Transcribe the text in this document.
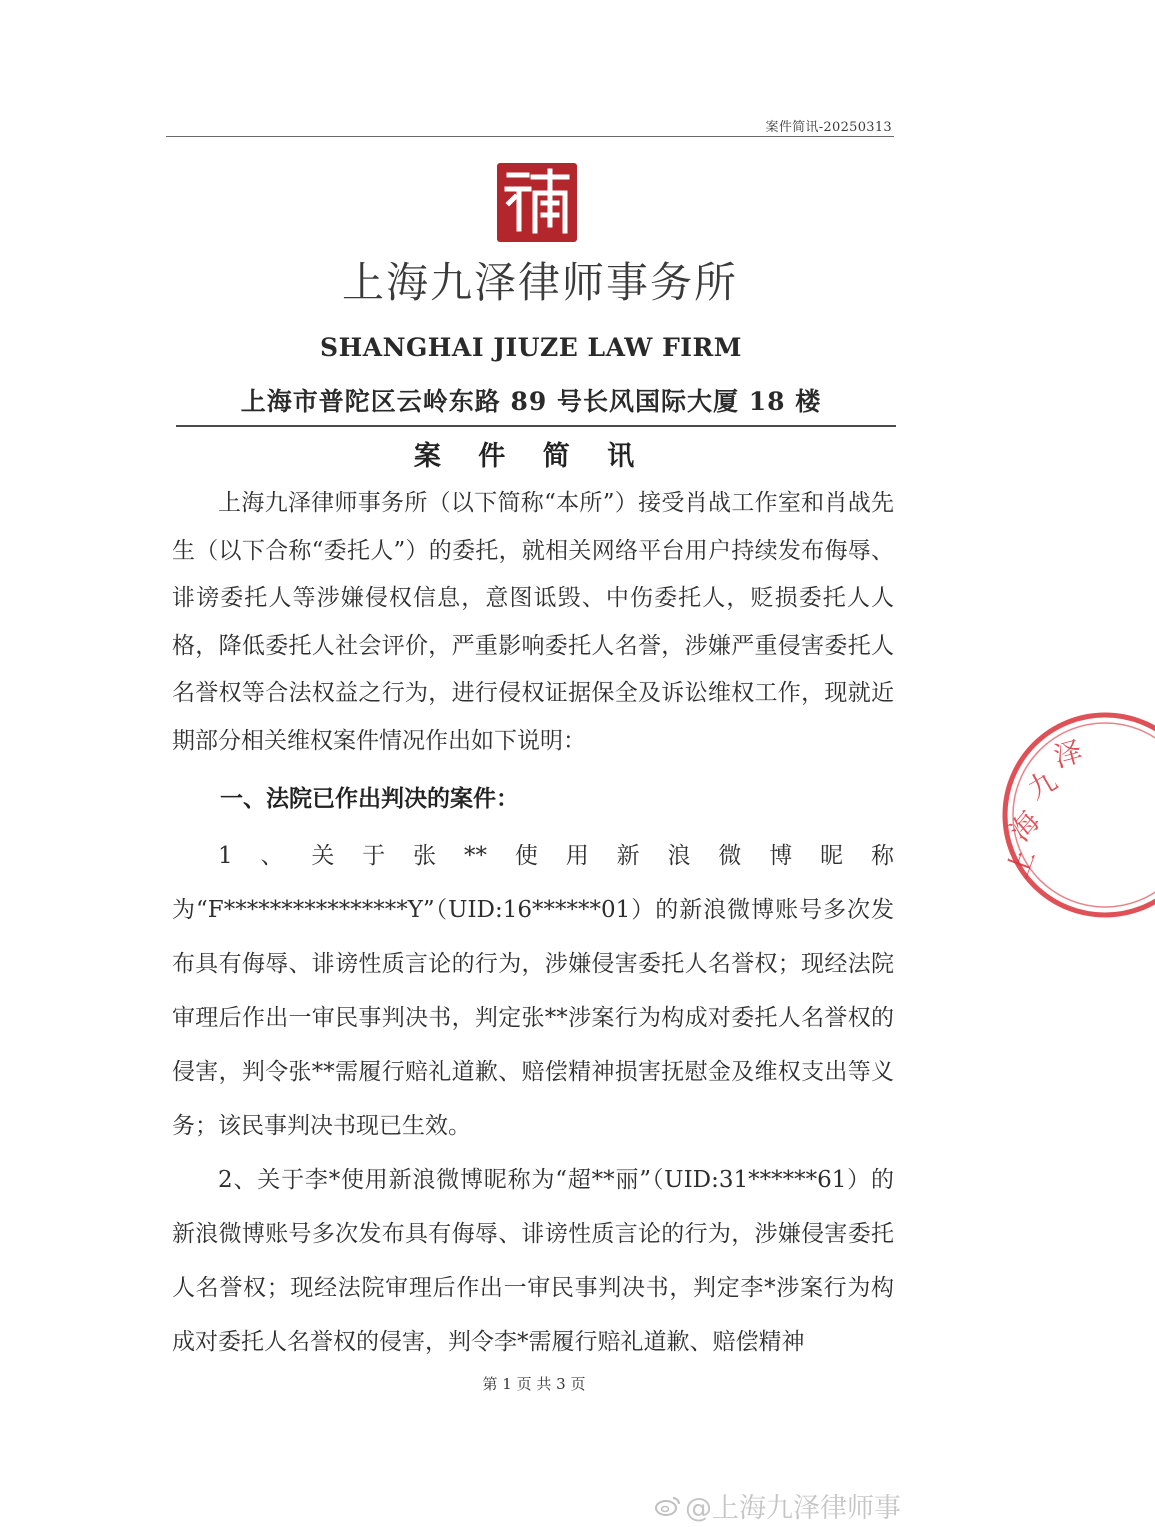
案件简讯-20250313
上海九泽律师事务所
SHANGHAI JIUZE LAW FIRM
上海市普陀区云岭东路 89 号长风国际大厦 18 楼
案 件 简 讯

上海九泽律师事务所（以下简称“本所”）接受肖战工作室和肖战先生（以下合称“委托人”）的委托，就相关网络平台用户持续发布侮辱、诽谤委托人等涉嫌侵权信息，意图诋毁、中伤委托人，贬损委托人人格，降低委托人社会评价，严重影响委托人名誉，涉嫌严重侵害委托人名誉权等合法权益之行为，进行侵权证据保全及诉讼维权工作，现就近期部分相关维权案件情况作出如下说明：

一、法院已作出判决的案件：

1、关于张**使用新浪微博昵称为“F****************Y”（UID:16******01）的新浪微博账号多次发布具有侮辱、诽谤性质言论的行为，涉嫌侵害委托人名誉权；现经法院审理后作出一审民事判决书，判定张**涉案行为构成对委托人名誉权的侵害，判令张**需履行赔礼道歉、赔偿精神损害抚慰金及维权支出等义务；该民事判决书现已生效。

2、关于李*使用新浪微博昵称为“超**丽”（UID:31******61）的新浪微博账号多次发布具有侮辱、诽谤性质言论的行为，涉嫌侵害委托人名誉权；现经法院审理后作出一审民事判决书，判定李*涉案行为构成对委托人名誉权的侵害，判令李*需履行赔礼道歉、赔偿精神

第 1 页 共 3 页
上
海
九
泽
@上海九泽律师事
